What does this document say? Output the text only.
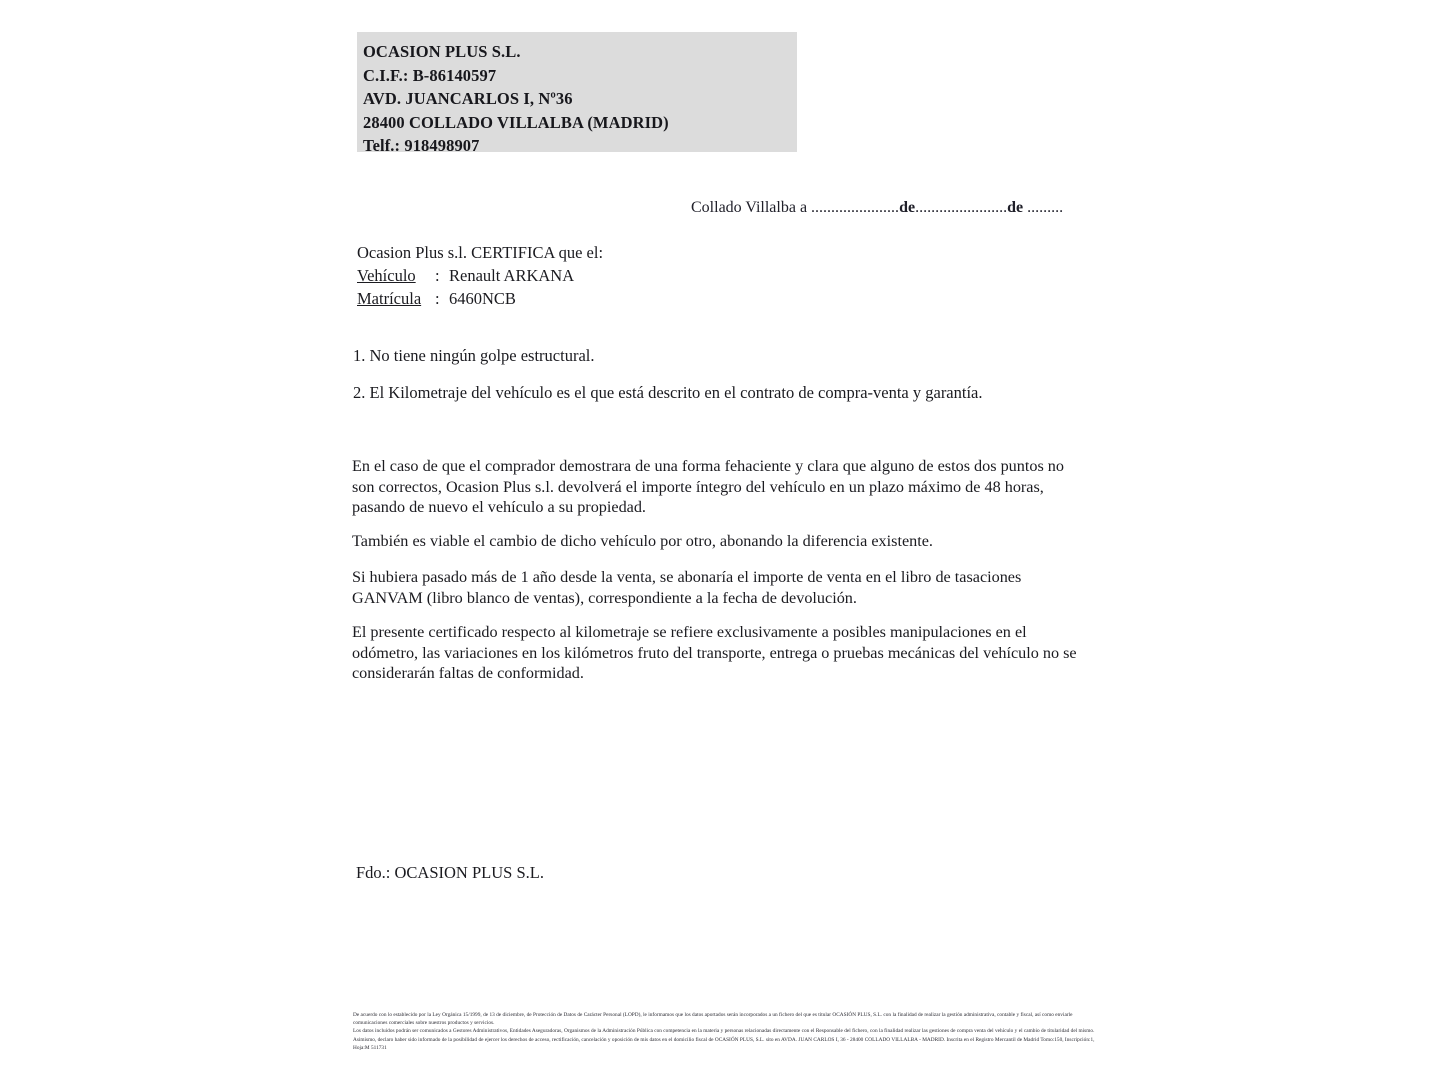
OCASION PLUS S.L.
C.I.F.: B-86140597
AVD. JUANCARLOS I, Nº36
28400 COLLADO VILLALBA (MADRID)
Telf.: 918498907
Collado Villalba a ......................de.......................de .........
Ocasion Plus s.l. CERTIFICA que el:
Vehículo : Renault ARKANA
Matrícula : 6460NCB
1. No tiene ningún golpe estructural.
2. El Kilometraje del vehículo es el que está descrito en el contrato de compra-venta y garantía.
En el caso de que el comprador demostrara de una forma fehaciente y clara que alguno de estos dos puntos no son correctos, Ocasion Plus s.l. devolverá el importe íntegro del vehículo en un plazo máximo de 48 horas, pasando de nuevo el vehículo a su propiedad.
También es viable el cambio de dicho vehículo por otro, abonando la diferencia existente.
Si hubiera pasado más de 1 año desde la venta, se abonaría el importe de venta en el libro de tasaciones GANVAM (libro blanco de ventas), correspondiente a la fecha de devolución.
El presente certificado respecto al kilometraje se refiere exclusivamente a posibles manipulaciones en el odómetro, las variaciones en los kilómetros fruto del transporte, entrega o pruebas mecánicas del vehículo no se considerarán faltas de conformidad.
Fdo.: OCASION PLUS S.L.

De acuerdo con lo establecido por la Ley Orgánica 15/1999, de 13 de diciembre, de Protección de Datos de Carácter Personal (LOPD), le informamos que los datos aportados serán incorporados a un fichero del que es titular OCASIÓN PLUS, S.L. con la finalidad de realizar la gestión administrativa, contable y fiscal, así como enviarle comunicaciones comerciales sobre nuestros productos y servicios.

Los datos incluidos podrán ser comunicados a Gestores Administrativos, Entidades Aseguradoras, Organismos de la Administración Pública con competencia en la materia y personas relacionadas directamente con el Responsable del fichero, con la finalidad realizar las gestiones de compra venta del vehículo y el cambio de titularidad del mismo.

Asimismo, declaro haber sido informado de la posibilidad de ejercer los derechos de acceso, rectificación, cancelación y oposición de mis datos en el domicilio fiscal de OCASIÓN PLUS, S.L. sito en AVDA. JUAN CARLOS I, 36 - 28400 COLLADO VILLALBA - MADRID. Inscrita en el Registro Mercantil de Madrid Tomo:150, Inscripción:1, Hoja:M 511731
